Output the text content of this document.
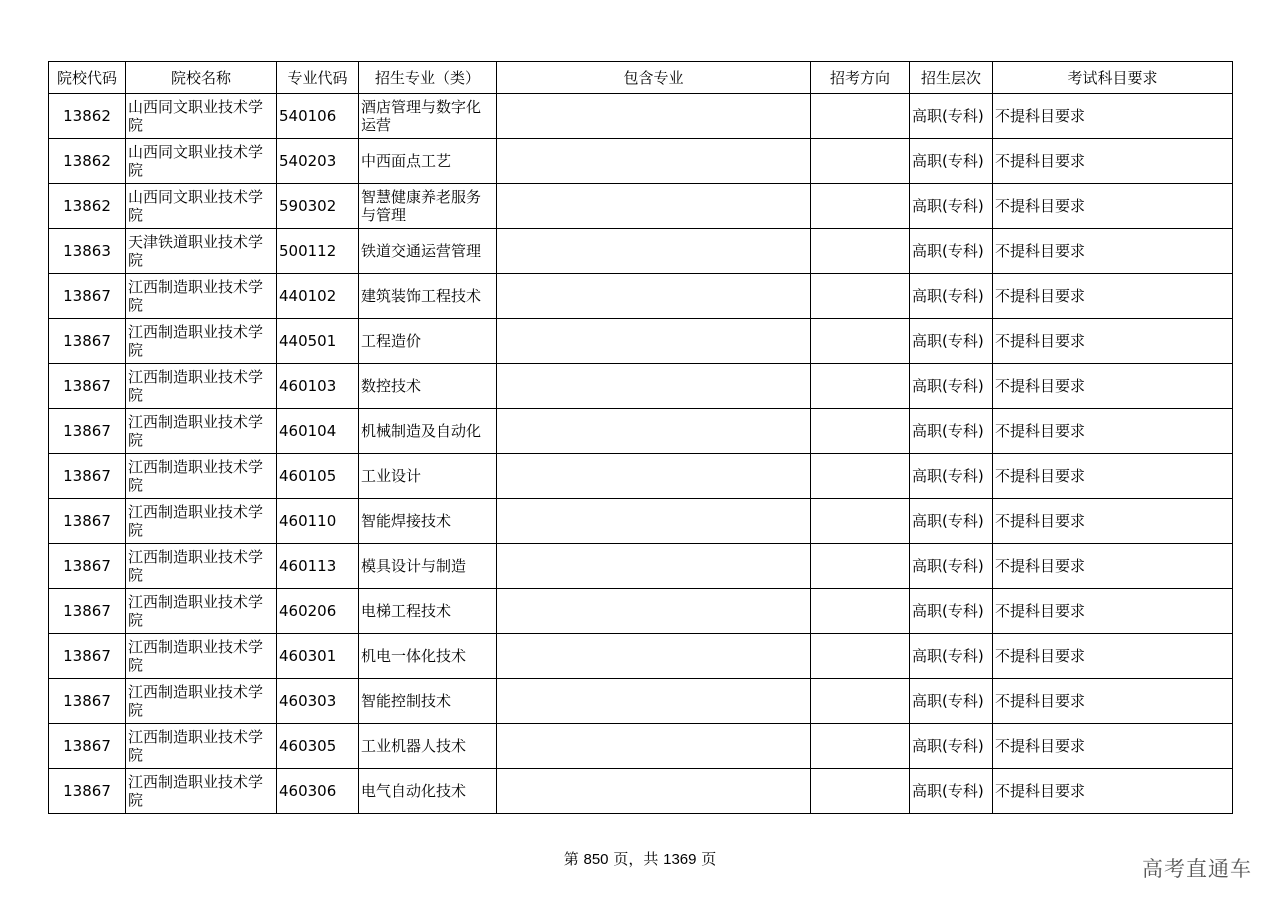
院校代码	院校名称	专业代码	招生专业（类）	包含专业	招考方向	招生层次	考试科目要求
13862	山西同文职业技术学院	540106	酒店管理与数字化运营			高职(专科)	不提科目要求
13862	山西同文职业技术学院	540203	中西面点工艺			高职(专科)	不提科目要求
13862	山西同文职业技术学院	590302	智慧健康养老服务与管理			高职(专科)	不提科目要求
13863	天津铁道职业技术学院	500112	铁道交通运营管理			高职(专科)	不提科目要求
13867	江西制造职业技术学院	440102	建筑装饰工程技术			高职(专科)	不提科目要求
13867	江西制造职业技术学院	440501	工程造价			高职(专科)	不提科目要求
13867	江西制造职业技术学院	460103	数控技术			高职(专科)	不提科目要求
13867	江西制造职业技术学院	460104	机械制造及自动化			高职(专科)	不提科目要求
13867	江西制造职业技术学院	460105	工业设计			高职(专科)	不提科目要求
13867	江西制造职业技术学院	460110	智能焊接技术			高职(专科)	不提科目要求
13867	江西制造职业技术学院	460113	模具设计与制造			高职(专科)	不提科目要求
13867	江西制造职业技术学院	460206	电梯工程技术			高职(专科)	不提科目要求
13867	江西制造职业技术学院	460301	机电一体化技术			高职(专科)	不提科目要求
13867	江西制造职业技术学院	460303	智能控制技术			高职(专科)	不提科目要求
13867	江西制造职业技术学院	460305	工业机器人技术			高职(专科)	不提科目要求
13867	江西制造职业技术学院	460306	电气自动化技术			高职(专科)	不提科目要求
第 850 页，共 1369 页	高考直通车
